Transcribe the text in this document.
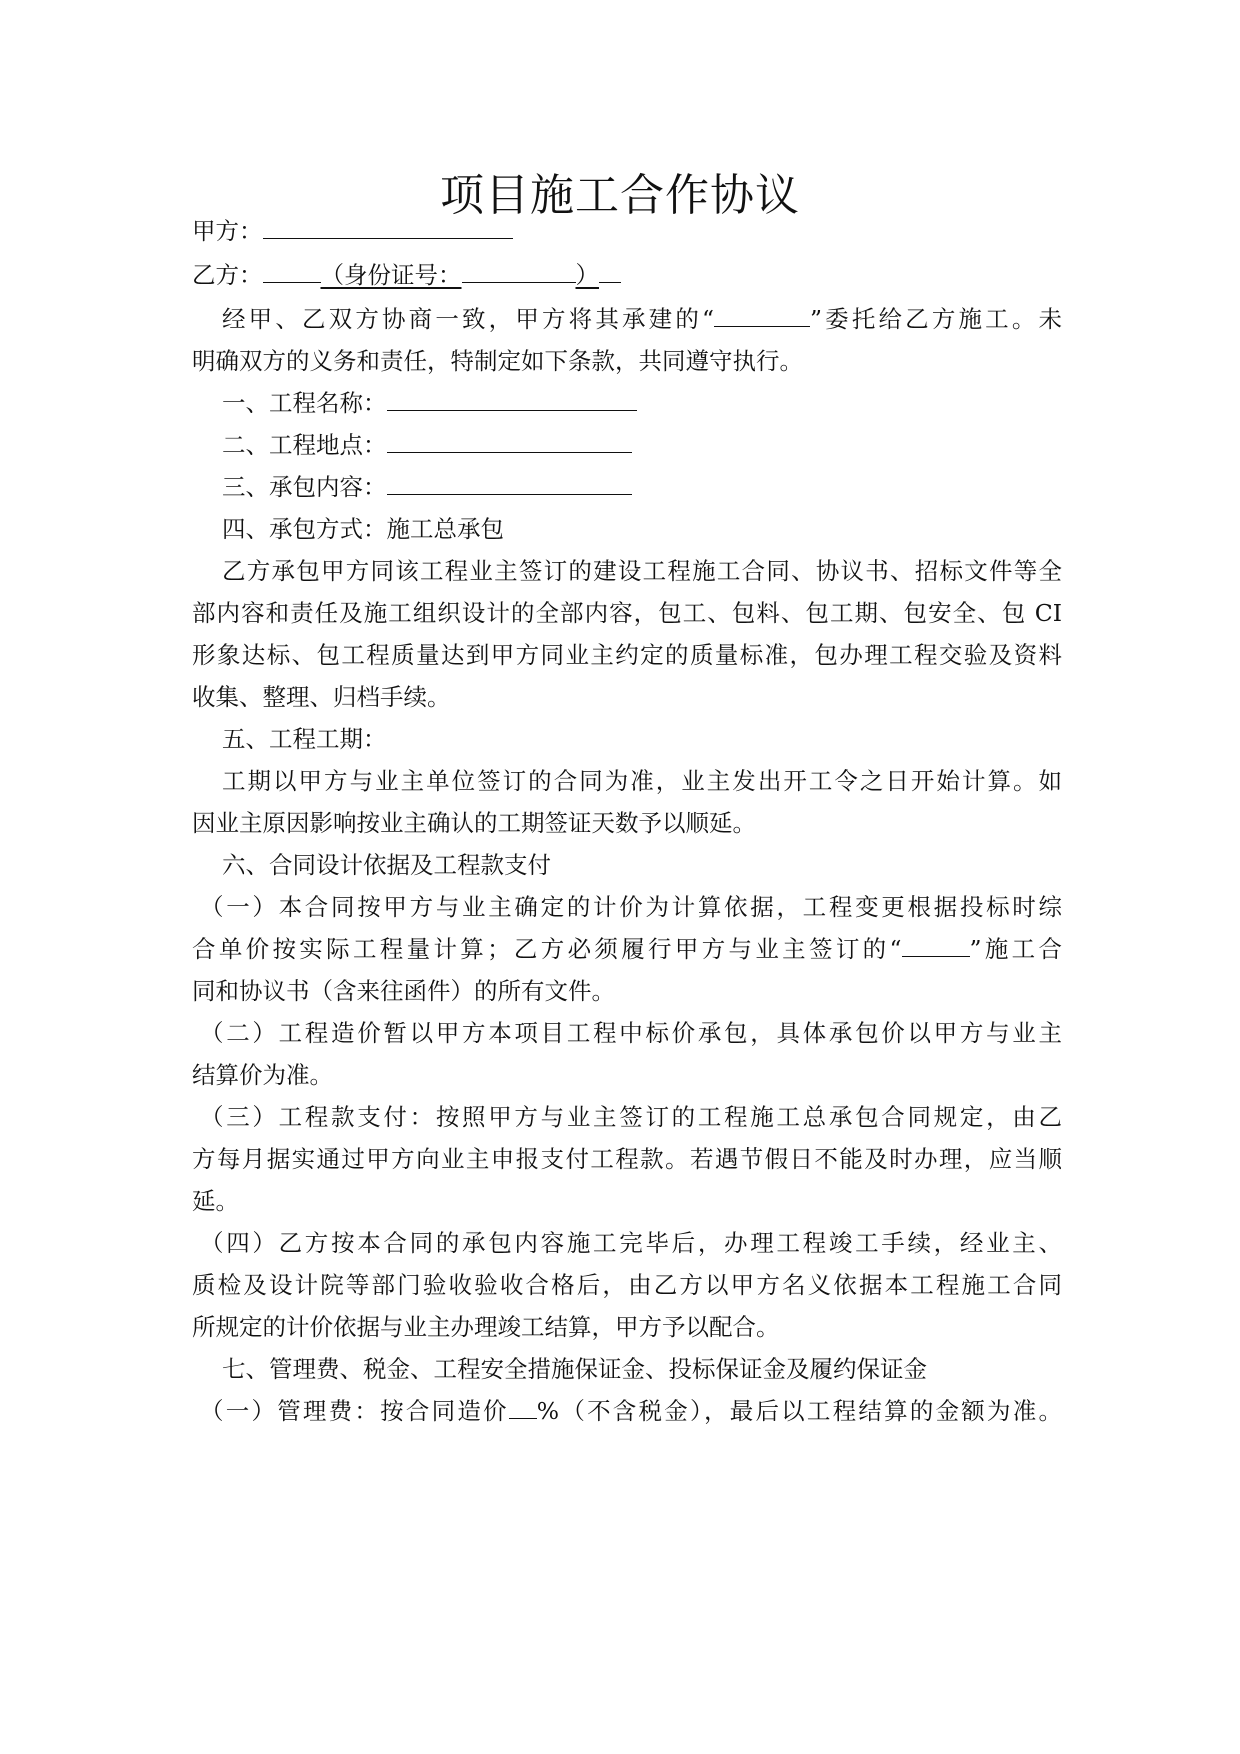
项目施工合作协议
甲方：
乙方： （身份证号：	）
经甲、乙双方协商一致，甲方将其承建的“	”委托给乙方施工。未
明确双方的义务和责任，特制定如下条款，共同遵守执行。
一、工程名称：
二、工程地点：
三、承包内容：
四、承包方式：施工总承包
乙方承包甲方同该工程业主签订的建设工程施工合同、协议书、招标文件等全
部内容和责任及施工组织设计的全部内容，包工、包料、包工期、包安全、包 CI
形象达标、包工程质量达到甲方同业主约定的质量标准，包办理工程交验及资料
收集、整理、归档手续。
五、工程工期：
工期以甲方与业主单位签订的合同为准，业主发出开工令之日开始计算。如
因业主原因影响按业主确认的工期签证天数予以顺延。
六、合同设计依据及工程款支付
（一）本合同按甲方与业主确定的计价为计算依据，工程变更根据投标时综
合单价按实际工程量计算；乙方必须履行甲方与业主签订的“	”施工合
同和协议书（含来往函件）的所有文件。
（二）工程造价暂以甲方本项目工程中标价承包，具体承包价以甲方与业主
结算价为准。
（三）工程款支付：按照甲方与业主签订的工程施工总承包合同规定，由乙
方每月据实通过甲方向业主申报支付工程款。若遇节假日不能及时办理，应当顺
延。
（四）乙方按本合同的承包内容施工完毕后，办理工程竣工手续，经业主、
质检及设计院等部门验收验收合格后，由乙方以甲方名义依据本工程施工合同
所规定的计价依据与业主办理竣工结算，甲方予以配合。
七、管理费、税金、工程安全措施保证金、投标保证金及履约保证金
（一）管理费：按合同造价 %（不含税金），最后以工程结算的金额为准。
